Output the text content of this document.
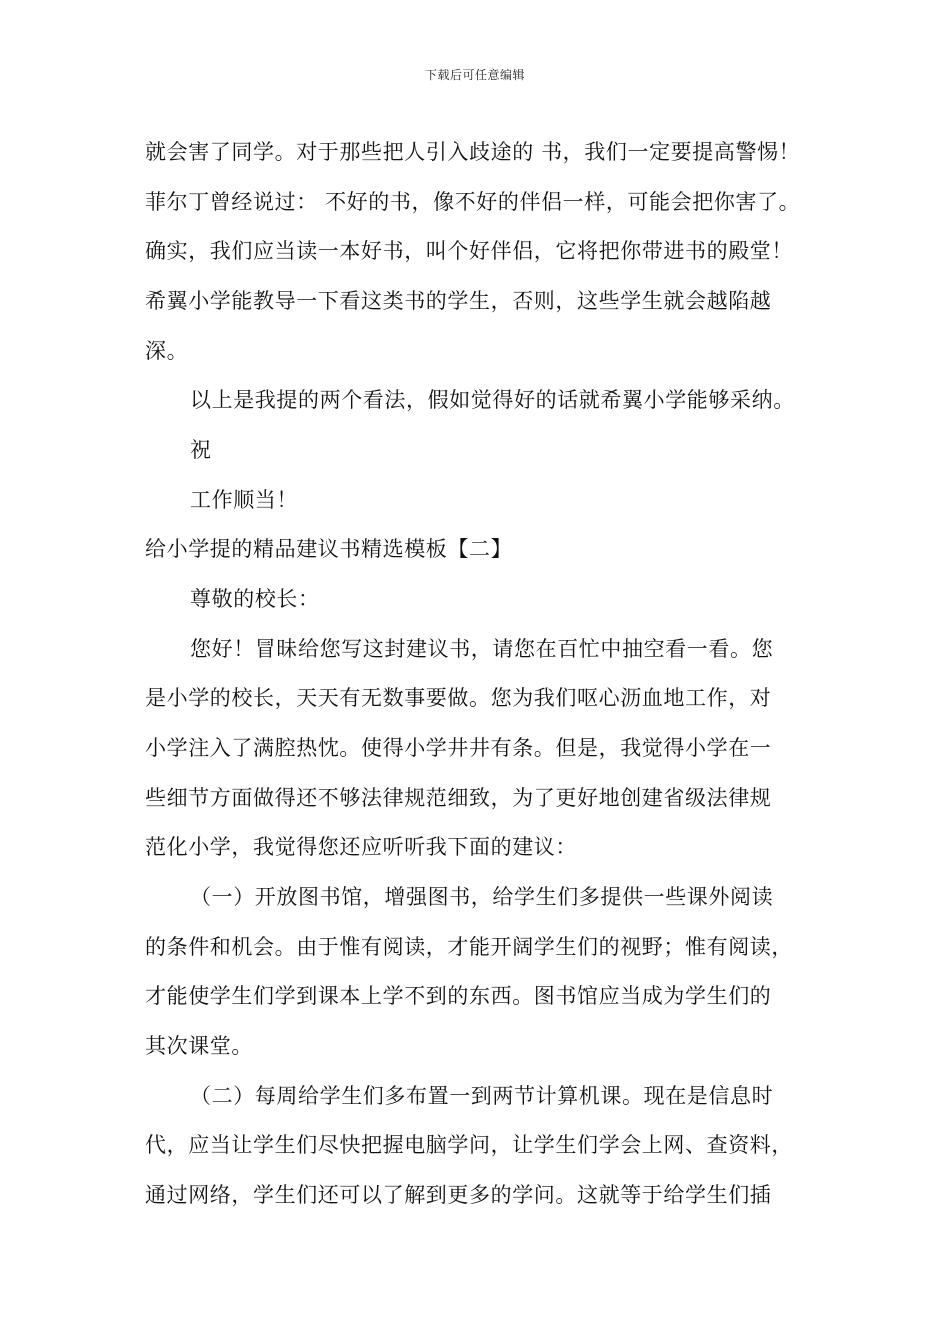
下载后可任意编辑
就会害了同学。对于那些把人引入歧途的 书，我们一定要提高警惕！
菲尔丁曾经说过： 不好的书，像不好的伴侣一样，可能会把你害了。
确实，我们应当读一本好书，叫个好伴侣，它将把你带进书的殿堂！
希翼小学能教导一下看这类书的学生，否则，这些学生就会越陷越
深。
以上是我提的两个看法，假如觉得好的话就希翼小学能够采纳。
祝
工作顺当！
给小学提的精品建议书精选模板【二】
尊敬的校长：
您好！冒昧给您写这封建议书，请您在百忙中抽空看一看。您
是小学的校长，天天有无数事要做。您为我们呕心沥血地工作，对
小学注入了满腔热忱。使得小学井井有条。但是，我觉得小学在一
些细节方面做得还不够法律规范细致，为了更好地创建省级法律规
范化小学，我觉得您还应听听我下面的建议：
（一）开放图书馆，增强图书，给学生们多提供一些课外阅读
的条件和机会。由于惟有阅读，才能开阔学生们的视野；惟有阅读，
才能使学生们学到课本上学不到的东西。图书馆应当成为学生们的
其次课堂。
（二）每周给学生们多布置一到两节计算机课。现在是信息时
代，应当让学生们尽快把握电脑学问，让学生们学会上网、查资料，
通过网络，学生们还可以了解到更多的学问。这就等于给学生们插
